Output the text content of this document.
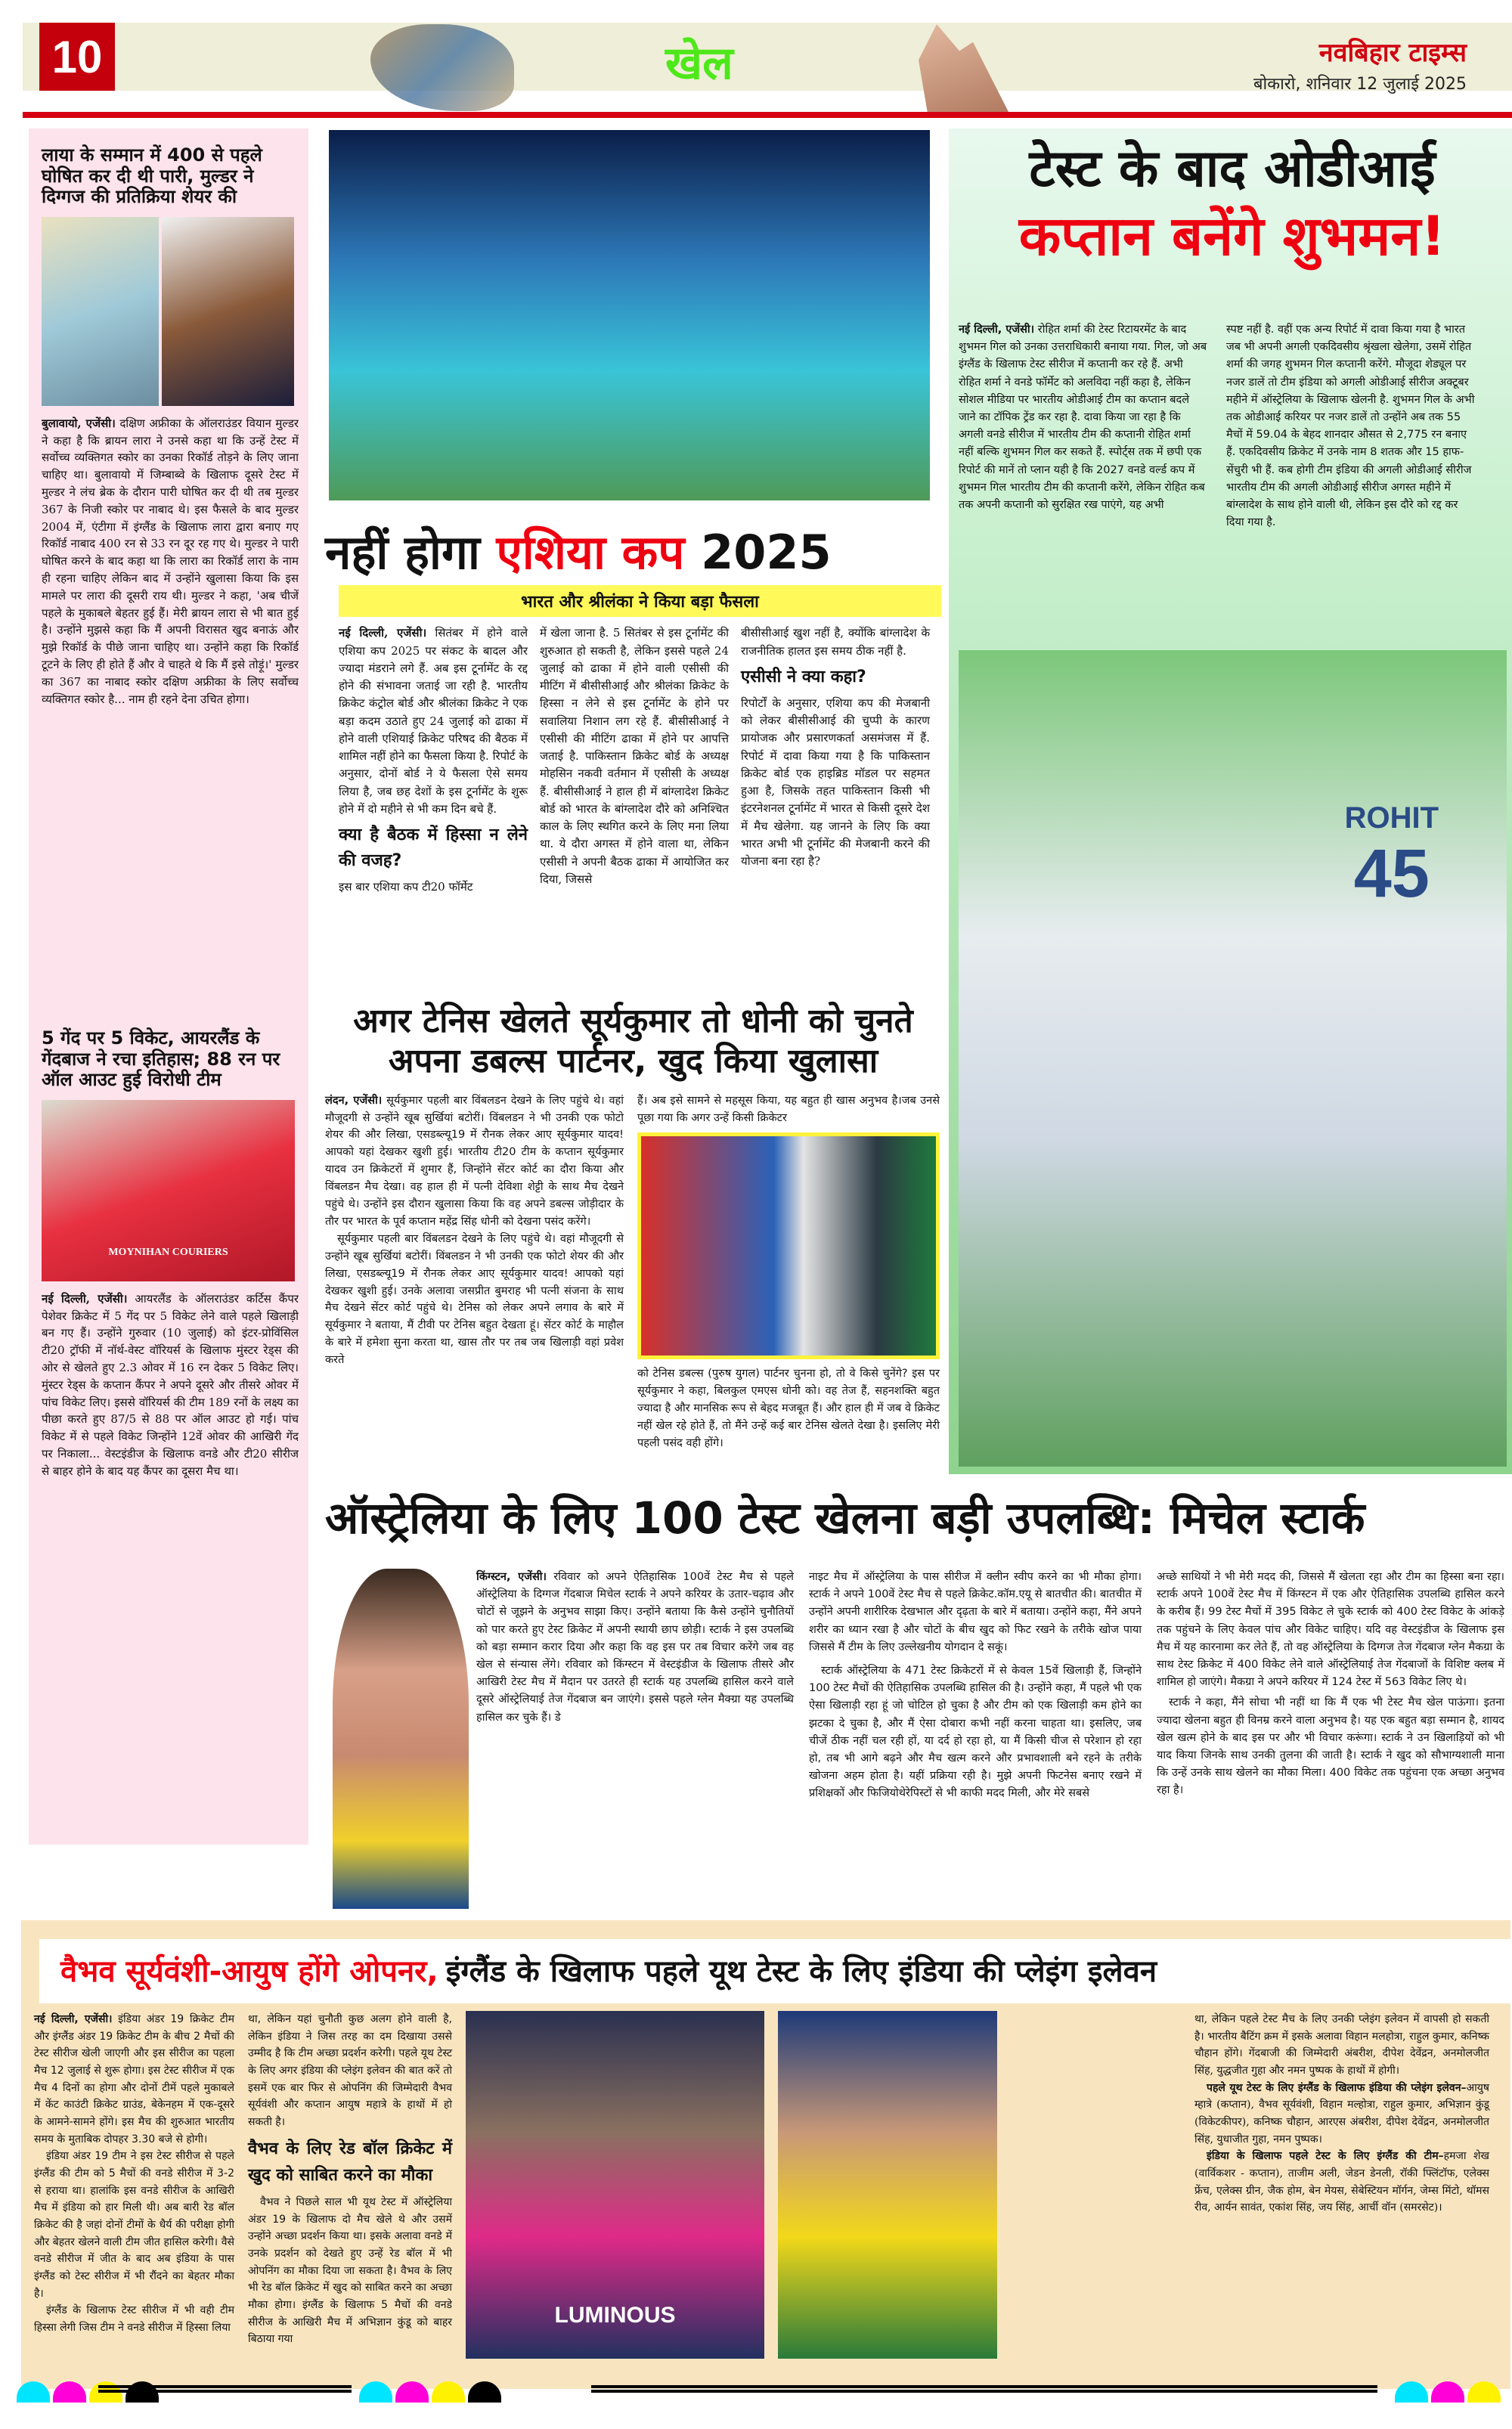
10	खेल	नवबिहार टाइम्स
बोकारो, शनिवार 12 जुलाई 2025
लाया के सम्मान में 400 से पहले घोषित कर दी थी पारी, मुल्डर ने दिग्गज की प्रतिक्रिया शेयर की
बुलावायो, एजेंसी। दक्षिण अफ्रीका के ऑलराउंडर वियान मुल्डर ने कहा है कि ब्रायन लारा ने उनसे कहा था कि उन्हें टेस्ट में सर्वोच्च व्यक्तिगत स्कोर का उनका रिकॉर्ड तोड़ने के लिए जाना चाहिए था। बुलावायो में जिम्बाब्वे के खिलाफ दूसरे टेस्ट में मुल्डर ने लंच ब्रेक के दौरान पारी घोषित कर दी थी तब मुल्डर 367 के निजी स्कोर पर नाबाद थे। इस फैसले के बाद मुल्डर 2004 में, एंटीगा में इंग्लैंड के खिलाफ लारा द्वारा बनाए गए रिकॉर्ड नाबाद 400 रन से 33 रन दूर रह गए थे। मुल्डर ने पारी घोषित करने के बाद कहा था कि लारा का रिकॉर्ड लारा के नाम ही रहना चाहिए लेकिन बाद में उन्होंने खुलासा किया कि इस मामले पर लारा की दूसरी राय थी। मुल्डर ने कहा, 'अब चीजें पहले के मुकाबले बेहतर हुई हैं। मेरी ब्रायन लारा से भी बात हुई है। उन्होंने मुझसे कहा कि मैं अपनी विरासत खुद बनाऊं और मुझे रिकॉर्ड के पीछे जाना चाहिए था। उन्होंने कहा कि रिकॉर्ड टूटने के लिए ही होते हैं और वे चाहते थे कि मैं इसे तोड़ूं।' मुल्डर का 367 का नाबाद स्कोर दक्षिण अफ्रीका के लिए सर्वोच्च व्यक्तिगत स्कोर है... नाम ही रहने देना उचित होगा।
5 गेंद पर 5 विकेट, आयरलैंड के गेंदबाज ने रचा इतिहास; 88 रन पर ऑल आउट हुई विरोधी टीम
MOYNIHAN COURIERS
नई दिल्ली, एजेंसी। आयरलैंड के ऑलराउंडर कर्टिस कैंपर पेशेवर क्रिकेट में 5 गेंद पर 5 विकेट लेने वाले पहले खिलाड़ी बन गए हैं। उन्होंने गुरुवार (10 जुलाई) को इंटर-प्रोविंसिल टी20 ट्रॉफी में नॉर्थ-वेस्ट वॉरियर्स के खिलाफ मुंस्टर रेड्स की ओर से खेलते हुए 2.3 ओवर में 16 रन देकर 5 विकेट लिए। मुंस्टर रेड्स के कप्तान कैंपर ने अपने दूसरे और तीसरे ओवर में पांच विकेट लिए। इससे वॉरियर्स की टीम 189 रनों के लक्ष्य का पीछा करते हुए 87/5 से 88 पर ऑल आउट हो गई। पांच विकेट में से पहले विकेट जिन्होंने 12वें ओवर की आखिरी गेंद पर निकाला... वेस्टइंडीज के खिलाफ वनडे और टी20 सीरीज से बाहर होने के बाद यह कैंपर का दूसरा मैच था।
नहीं होगा एशिया कप 2025
भारत और श्रीलंका ने किया बड़ा फैसला
नई दिल्ली, एजेंसी। सितंबर में होने वाले एशिया कप 2025 पर संकट के बादल और ज्यादा मंडराने लगे हैं. अब इस टूर्नामेंट के रद्द होने की संभावना जताई जा रही है. भारतीय क्रिकेट कंट्रोल बोर्ड और श्रीलंका क्रिकेट ने एक बड़ा कदम उठाते हुए 24 जुलाई को ढाका में होने वाली एशियाई क्रिकेट परिषद की बैठक में शामिल नहीं होने का फैसला किया है. रिपोर्ट के अनुसार, दोनों बोर्ड ने ये फैसला ऐसे समय लिया है, जब छह देशों के इस टूर्नामेंट के शुरू होने में दो महीने से भी कम दिन बचे हैं.
क्या है बैठक में हिस्सा न लेने की वजह?
इस बार एशिया कप टी20 फॉर्मेट
में खेला जाना है. 5 सितंबर से इस टूर्नामेंट की शुरुआत हो सकती है, लेकिन इससे पहले 24 जुलाई को ढाका में होने वाली एसीसी की मीटिंग में बीसीसीआई और श्रीलंका क्रिकेट के हिस्सा न लेने से इस टूर्नामेंट के होने पर सवालिया निशान लग रहे हैं. बीसीसीआई ने एसीसी की मीटिंग ढाका में होने पर आपत्ति जताई है. पाकिस्तान क्रिकेट बोर्ड के अध्यक्ष मोहसिन नकवी वर्तमान में एसीसी के अध्यक्ष हैं. बीसीसीआई ने हाल ही में बांग्लादेश क्रिकेट बोर्ड को भारत के बांग्लादेश दौरे को अनिश्चित काल के लिए स्थगित करने के लिए मना लिया था. ये दौरा अगस्त में होने वाला था, लेकिन एसीसी ने अपनी बैठक ढाका में आयोजित कर दिया, जिससे
बीसीसीआई खुश नहीं है, क्योंकि बांग्लादेश के राजनीतिक हालत इस समय ठीक नहीं है.
एसीसी ने क्या कहा?
रिपोर्टों के अनुसार, एशिया कप की मेजबानी को लेकर बीसीसीआई की चुप्पी के कारण प्रायोजक और प्रसारणकर्ता असमंजस में हैं. रिपोर्ट में दावा किया गया है कि पाकिस्तान क्रिकेट बोर्ड एक हाइब्रिड मॉडल पर सहमत हुआ है, जिसके तहत पाकिस्तान किसी भी इंटरनेशनल टूर्नामेंट में भारत से किसी दूसरे देश में मैच खेलेगा. यह जानने के लिए कि क्या भारत अभी भी टूर्नामेंट की मेजबानी करने की योजना बना रहा है?
टेस्ट के बाद ओडीआई
कप्तान बनेंगे शुभमन!
नई दिल्ली, एजेंसी। रोहित शर्मा की टेस्ट रिटायरमेंट के बाद शुभमन गिल को उनका उत्तराधिकारी बनाया गया. गिल, जो अब इंग्लैंड के खिलाफ टेस्ट सीरीज में कप्तानी कर रहे हैं. अभी रोहित शर्मा ने वनडे फॉर्मेट को अलविदा नहीं कहा है, लेकिन सोशल मीडिया पर भारतीय ओडीआई टीम का कप्तान बदले जाने का टॉपिक ट्रेंड कर रहा है. दावा किया जा रहा है कि अगली वनडे सीरीज में भारतीय टीम की कप्तानी रोहित शर्मा नहीं बल्कि शुभमन गिल कर सकते हैं. स्पोर्ट्स तक में छपी एक रिपोर्ट की मानें तो प्लान यही है कि 2027 वनडे वर्ल्ड कप में शुभमन गिल भारतीय टीम की कप्तानी करेंगे, लेकिन रोहित कब तक अपनी कप्तानी को सुरक्षित रख पाएंगे, यह अभी
स्पष्ट नहीं है. वहीं एक अन्य रिपोर्ट में दावा किया गया है भारत जब भी अपनी अगली एकदिवसीय श्रृंखला खेलेगा, उसमें रोहित शर्मा की जगह शुभमन गिल कप्तानी करेंगे. मौजूदा शेड्यूल पर नजर डालें तो टीम इंडिया को अगली ओडीआई सीरीज अक्टूबर महीने में ऑस्ट्रेलिया के खिलाफ खेलनी है. शुभमन गिल के अभी तक ओडीआई करियर पर नजर डालें तो उन्होंने अब तक 55 मैचों में 59.04 के बेहद शानदार औसत से 2,775 रन बनाए हैं. एकदिवसीय क्रिकेट में उनके नाम 8 शतक और 15 हाफ-सेंचुरी भी हैं. कब होगी टीम इंडिया की अगली ओडीआई सीरीज भारतीय टीम की अगली ओडीआई सीरीज अगस्त महीने में बांग्लादेश के साथ होने वाली थी, लेकिन इस दौरे को रद्द कर दिया गया है.
ROHIT
45
अगर टेनिस खेलते सूर्यकुमार तो धोनी को चुनते अपना डबल्स पार्टनर, खुद किया खुलासा
लंदन, एजेंसी। सूर्यकुमार पहली बार विंबलडन देखने के लिए पहुंचे थे। वहां मौजूदगी से उन्होंने खूब सुर्खियां बटोरीं। विंबलडन ने भी उनकी एक फोटो शेयर की और लिखा, एसडब्ल्यू19 में रौनक लेकर आए सूर्यकुमार यादव! आपको यहां देखकर खुशी हुई। भारतीय टी20 टीम के कप्तान सूर्यकुमार यादव उन क्रिकेटरों में शुमार हैं, जिन्होंने सेंटर कोर्ट का दौरा किया और विंबलडन मैच देखा। वह हाल ही में पत्नी देविशा शेट्टी के साथ मैच देखने पहुंचे थे। उन्होंने इस दौरान खुलासा किया कि वह अपने डबल्स जोड़ीदार के तौर पर भारत के पूर्व कप्तान महेंद्र सिंह धोनी को देखना पसंद करेंगे।
सूर्यकुमार पहली बार विंबलडन देखने के लिए पहुंचे थे। वहां मौजूदगी से उन्होंने खूब सुर्खियां बटोरीं। विंबलडन ने भी उनकी एक फोटो शेयर की और लिखा, एसडब्ल्यू19 में रौनक लेकर आए सूर्यकुमार यादव! आपको यहां देखकर खुशी हुई। उनके अलावा जसप्रीत बुमराह भी पत्नी संजना के साथ मैच देखने सेंटर कोर्ट पहुंचे थे। टेनिस को लेकर अपने लगाव के बारे में सूर्यकुमार ने बताया, मैं टीवी पर टेनिस बहुत देखता हूं। सेंटर कोर्ट के माहौल के बारे में हमेशा सुना करता था, खास तौर पर तब जब खिलाड़ी वहां प्रवेश करते
हैं। अब इसे सामने से महसूस किया, यह बहुत ही खास अनुभव है।जब उनसे पूछा गया कि अगर उन्हें किसी क्रिकेटर
को टेनिस डबल्स (पुरुष युगल) पार्टनर चुनना हो, तो वे किसे चुनेंगे? इस पर सूर्यकुमार ने कहा, बिलकुल एमएस धोनी को। वह तेज हैं, सहनशक्ति बहुत ज्यादा है और मानसिक रूप से बेहद मजबूत हैं। और हाल ही में जब वे क्रिकेट नहीं खेल रहे होते हैं, तो मैंने उन्हें कई बार टेनिस खेलते देखा है। इसलिए मेरी पहली पसंद वही होंगे।
ऑस्ट्रेलिया के लिए 100 टेस्ट खेलना बड़ी उपलब्धि: मिचेल स्टार्क
किंग्स्टन, एजेंसी। रविवार को अपने ऐतिहासिक 100वें टेस्ट मैच से पहले ऑस्ट्रेलिया के दिग्गज गेंदबाज मिचेल स्टार्क ने अपने करियर के उतार-चढ़ाव और चोटों से जूझने के अनुभव साझा किए। उन्होंने बताया कि कैसे उन्होंने चुनौतियों को पार करते हुए टेस्ट क्रिकेट में अपनी स्थायी छाप छोड़ी। स्टार्क ने इस उपलब्धि को बड़ा सम्मान करार दिया और कहा कि वह इस पर तब विचार करेंगे जब वह खेल से संन्यास लेंगे। रविवार को किंग्स्टन में वेस्टइंडीज के खिलाफ तीसरे और आखिरी टेस्ट मैच में मैदान पर उतरते ही स्टार्क यह उपलब्धि हासिल करने वाले दूसरे ऑस्ट्रेलियाई तेज गेंदबाज बन जाएंगे। इससे पहले ग्लेन मैक्ग्रा यह उपलब्धि हासिल कर चुके हैं। डे
नाइट मैच में ऑस्ट्रेलिया के पास सीरीज में क्लीन स्वीप करने का भी मौका होगा। स्टार्क ने अपने 100वें टेस्ट मैच से पहले क्रिकेट.कॉम.एयू से बातचीत की। बातचीत में उन्होंने अपनी शारीरिक देखभाल और दृढ़ता के बारे में बताया। उन्होंने कहा, मैंने अपने शरीर का ध्यान रखा है और चोटों के बीच खुद को फिट रखने के तरीके खोज पाया जिससे मैं टीम के लिए उल्लेखनीय योगदान दे सकूं।
स्टार्क ऑस्ट्रेलिया के 471 टेस्ट क्रिकेटरों में से केवल 15वें खिलाड़ी हैं, जिन्होंने 100 टेस्ट मैचों की ऐतिहासिक उपलब्धि हासिल की है। उन्होंने कहा, मैं पहले भी एक ऐसा खिलाड़ी रहा हूं जो चोटिल हो चुका है और टीम को एक खिलाड़ी कम होने का झटका दे चुका है, और मैं ऐसा दोबारा कभी नहीं करना चाहता था। इसलिए, जब चीजें ठीक नहीं चल रही हों, या दर्द हो रहा हो, या मैं किसी चीज से परेशान हो रहा हो, तब भी आगे बढ़ने और मैच खत्म करने और प्रभावशाली बने रहने के तरीके खोजना अहम होता है। यहीं प्रक्रिया रही है। मुझे अपनी फिटनेस बनाए रखने में प्रशिक्षकों और फिजियोथेरेपिस्टों से भी काफी मदद मिली, और मेरे सबसे
अच्छे साथियों ने भी मेरी मदद की, जिससे मैं खेलता रहा और टीम का हिस्सा बना रहा। स्टार्क अपने 100वें टेस्ट मैच में किंग्स्टन में एक और ऐतिहासिक उपलब्धि हासिल करने के करीब हैं। 99 टेस्ट मैचों में 395 विकेट ले चुके स्टार्क को 400 टेस्ट विकेट के आंकड़े तक पहुंचने के लिए केवल पांच और विकेट चाहिए। यदि वह वेस्टइंडीज के खिलाफ इस मैच में यह कारनामा कर लेते हैं, तो वह ऑस्ट्रेलिया के दिग्गज तेज गेंदबाज ग्लेन मैकग्रा के साथ टेस्ट क्रिकेट में 400 विकेट लेने वाले ऑस्ट्रेलियाई तेज गेंदबाजों के विशिष्ट क्लब में शामिल हो जाएंगे। मैकग्रा ने अपने करियर में 124 टेस्ट में 563 विकेट लिए थे।
स्टार्क ने कहा, मैंने सोचा भी नहीं था कि मैं एक भी टेस्ट मैच खेल पाऊंगा। इतना ज्यादा खेलना बहुत ही विनम्र करने वाला अनुभव है। यह एक बहुत बड़ा सम्मान है, शायद खेल खत्म होने के बाद इस पर और भी विचार करूंगा। स्टार्क ने उन खिलाड़ियों को भी याद किया जिनके साथ उनकी तुलना की जाती है। स्टार्क ने खुद को सौभाग्यशाली माना कि उन्हें उनके साथ खेलने का मौका मिला। 400 विकेट तक पहुंचना एक अच्छा अनुभव रहा है।
वैभव सूर्यवंशी-आयुष होंगे ओपनर, इंग्लैंड के खिलाफ पहले यूथ टेस्ट के लिए इंडिया की प्लेइंग इलेवन
नई दिल्ली, एजेंसी। इंडिया अंडर 19 क्रिकेट टीम और इंग्लैंड अंडर 19 क्रिकेट टीम के बीच 2 मैचों की टेस्ट सीरीज खेली जाएगी और इस सीरीज का पहला मैच 12 जुलाई से शुरू होगा। इस टेस्ट सीरीज में एक मैच 4 दिनों का होगा और दोनों टीमें पहले मुकाबले में केंट काउंटी क्रिकेट ग्राउंड, बेकेनहम में एक-दूसरे के आमने-सामने होंगे। इस मैच की शुरुआत भारतीय समय के मुताबिक दोपहर 3.30 बजे से होगी।
इंडिया अंडर 19 टीम ने इस टेस्ट सीरीज से पहले इंग्लैंड की टीम को 5 मैचों की वनडे सीरीज में 3-2 से हराया था। हालांकि इस वनडे सीरीज के आखिरी मैच में इंडिया को हार मिली थी। अब बारी रेड बॉल क्रिकेट की है जहां दोनों टीमों के धैर्य की परीक्षा होगी और बेहतर खेलने वाली टीम जीत हासिल करेगी। वैसे वनडे सीरीज में जीत के बाद अब इंडिया के पास इंग्लैंड को टेस्ट सीरीज में भी रौंदने का बेहतर मौका है।
इंग्लैंड के खिलाफ टेस्ट सीरीज में भी वही टीम हिस्सा लेगी जिस टीम ने वनडे सीरीज में हिस्सा लिया
था, लेकिन यहां चुनौती कुछ अलग होने वाली है, लेकिन इंडिया ने जिस तरह का दम दिखाया उससे उम्मीद है कि टीम अच्छा प्रदर्शन करेगी। पहले यूथ टेस्ट के लिए अगर इंडिया की प्लेइंग इलेवन की बात करें तो इसमें एक बार फिर से ओपनिंग की जिम्मेदारी वैभव सूर्यवंशी और कप्तान आयुष महात्रे के हाथों में हो सकती है।
वैभव के लिए रेड बॉल क्रिकेट में खुद को साबित करने का मौका
वैभव ने पिछले साल भी यूथ टेस्ट में ऑस्ट्रेलिया अंडर 19 के खिलाफ दो मैच खेले थे और उसमें उन्होंने अच्छा प्रदर्शन किया था। इसके अलावा वनडे में उनके प्रदर्शन को देखते हुए उन्हें रेड बॉल में भी ओपनिंग का मौका दिया जा सकता है। वैभव के लिए भी रेड बॉल क्रिकेट में खुद को साबित करने का अच्छा मौका होगा। इंग्लैंड के खिलाफ 5 मैचों की वनडे सीरीज के आखिरी मैच में अभिज्ञान कुंडू को बाहर बिठाया गया
LUMINOUS
था, लेकिन पहले टेस्ट मैच के लिए उनकी प्लेइंग इलेवन में वापसी हो सकती है। भारतीय बैटिंग क्रम में इसके अलावा विहान मलहोत्रा, राहुल कुमार, कनिष्क चौहान होंगे। गेंदबाजी की जिम्मेदारी अंबरीश, दीपेश देवेंद्रन, अनमोलजीत सिंह, युद्धजीत गुहा और नमन पुष्पक के हाथों में होगी।
पहले यूथ टेस्ट के लिए इंग्लैंड के खिलाफ इंडिया की प्लेइंग इलेवन–आयुष म्हात्रे (कप्तान), वैभव सूर्यवंशी, विहान मल्होत्रा, राहुल कुमार, अभिज्ञान कुंडू (विकेटकीपर), कनिष्क चौहान, आरएस अंबरीश, दीपेश देवेंद्रन, अनमोलजीत सिंह, युधाजीत गुहा, नमन पुष्पक।
इंडिया के खिलाफ पहले टेस्ट के लिए इंग्लैंड की टीम–हमजा शेख (वार्विकशर - कप्तान), ताजीम अली, जेडन डेनली, रॉकी फ्लिंटॉफ, एलेक्स फ्रेंच, एलेक्स ग्रीन, जैक होम, बेन मेयस, सेबेस्टियन मॉर्गन, जेम्स मिंटो, थॉमस रीव, आर्यन सावंत, एकांश सिंह, जय सिंह, आर्ची वॉन (समरसेट)।
